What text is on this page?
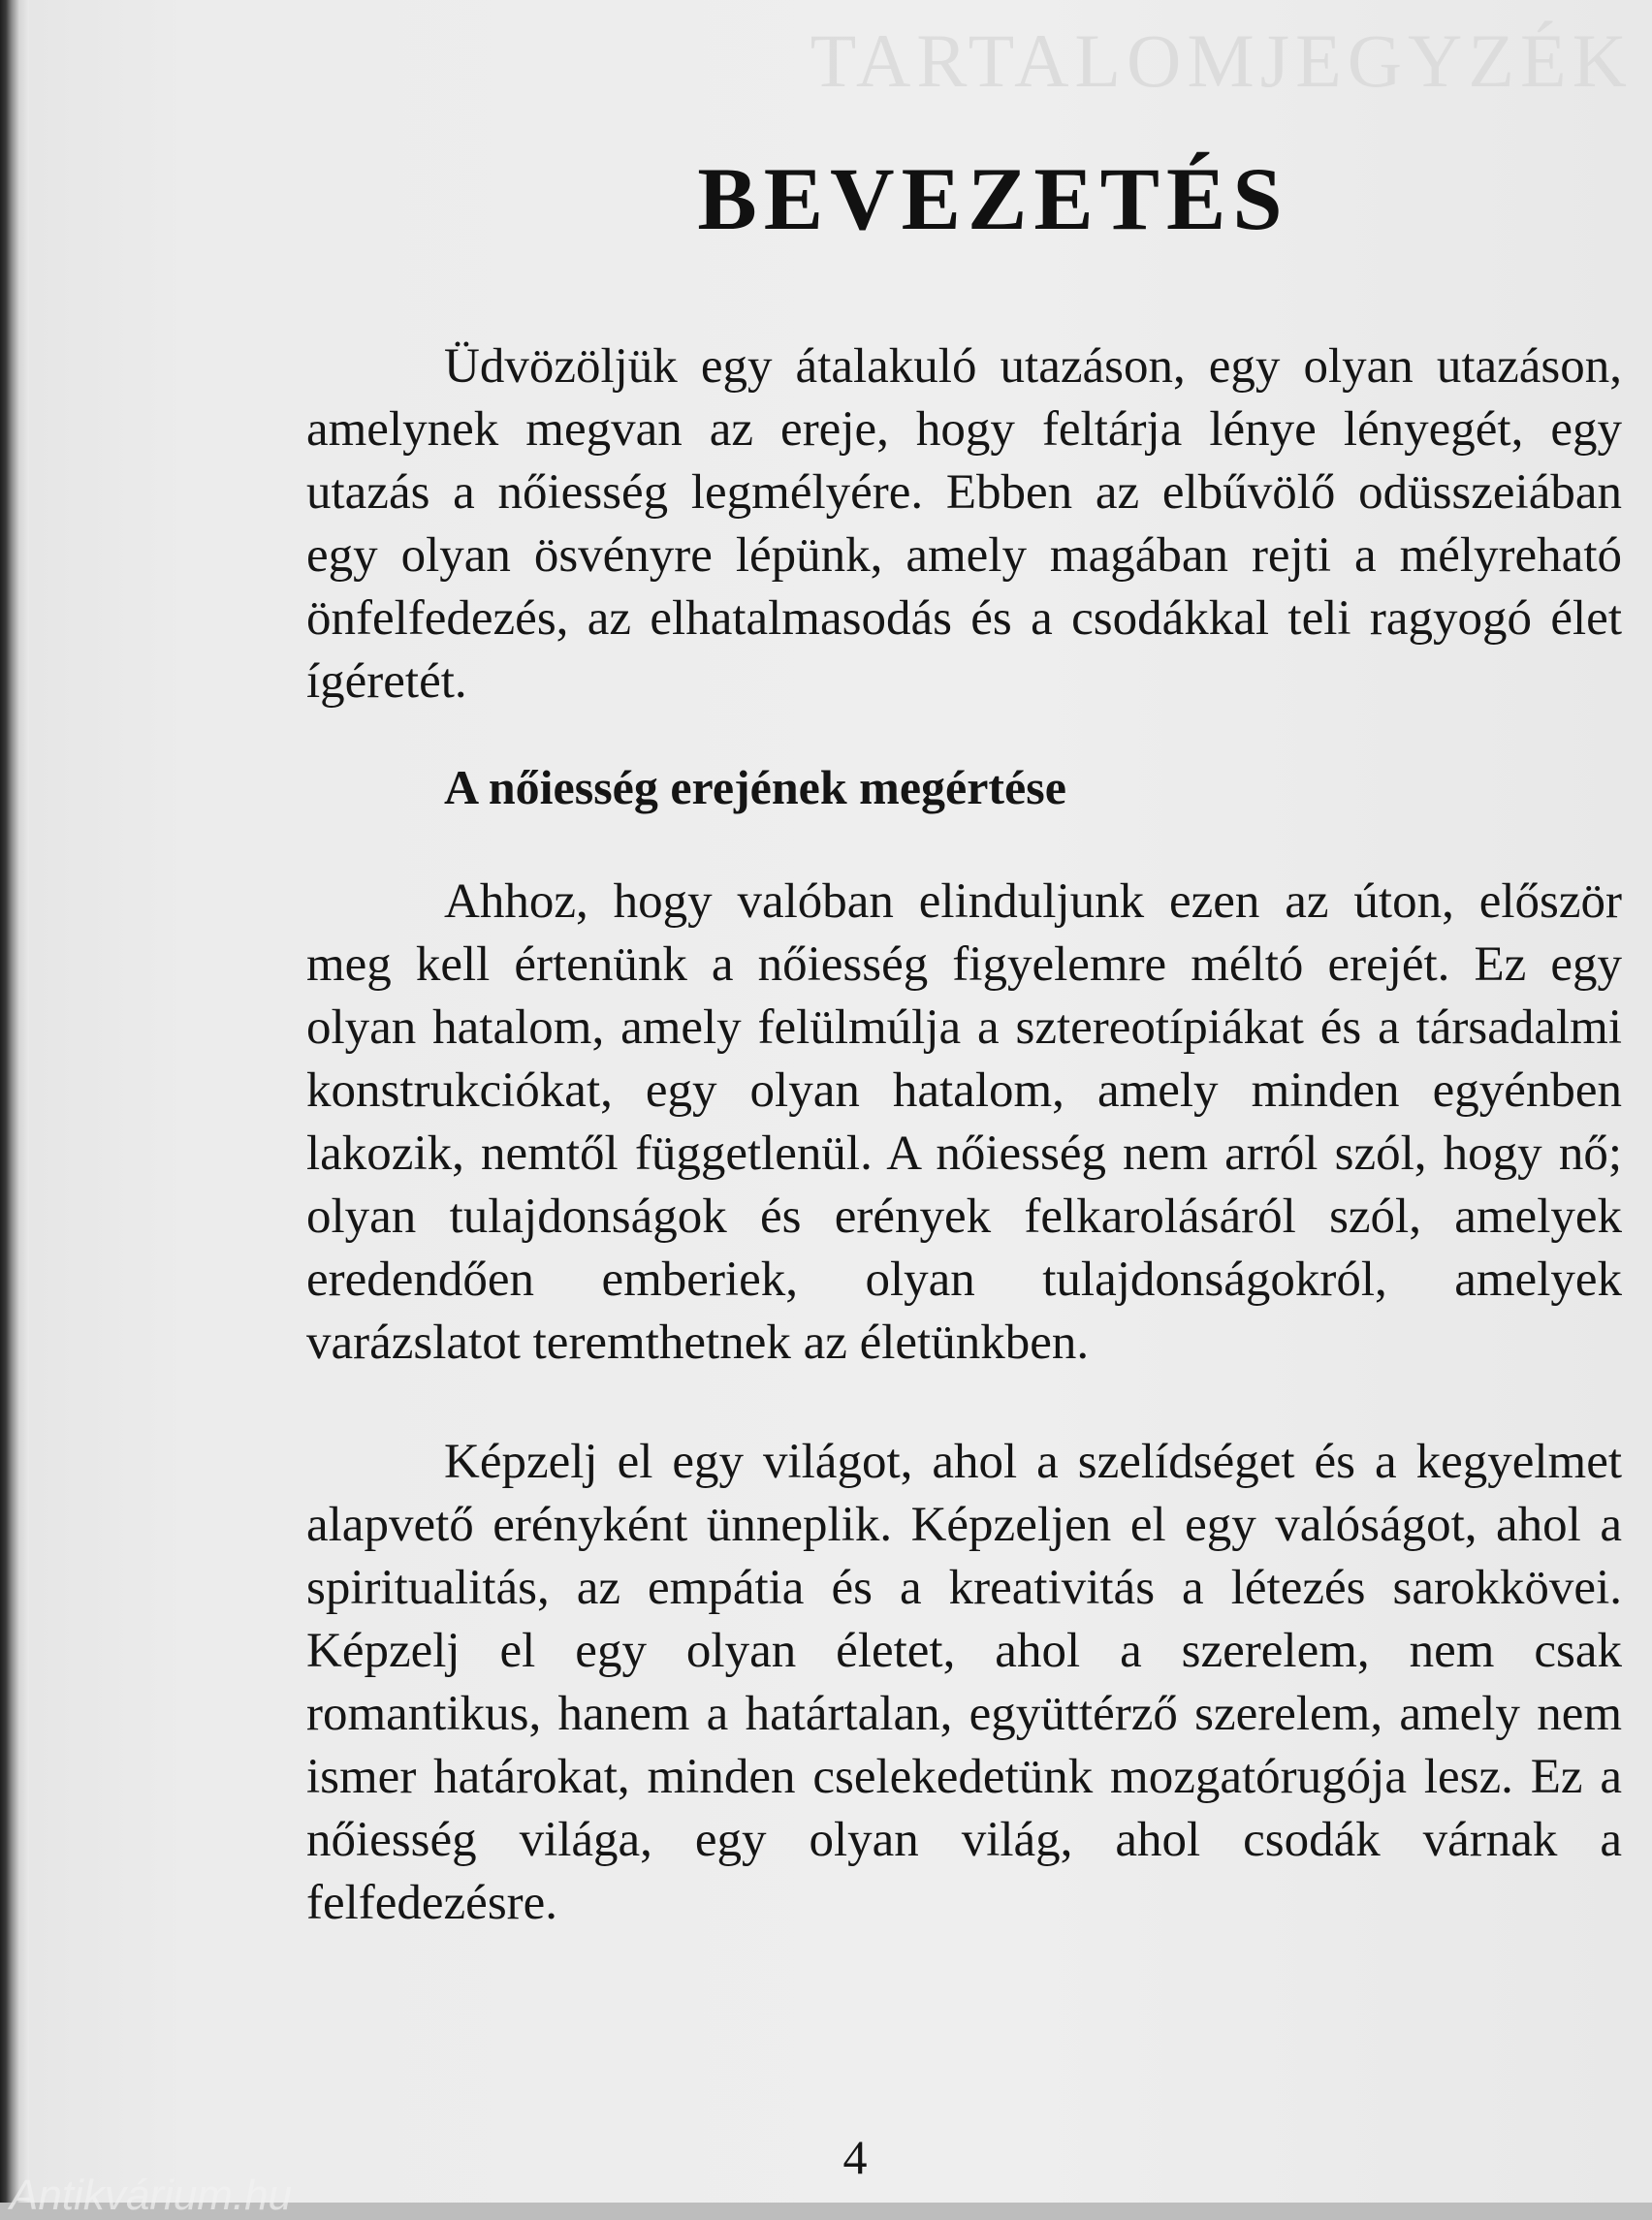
TARTALOMJEGYZÉK
BEVEZETÉS

Üdvözöljük egy átalakuló utazáson, egy olyan utazáson, amelynek megvan az ereje, hogy feltárja lénye lényegét, egy utazás a nőiesség legmélyére. Ebben az elbűvölő odüsszeiában egy olyan ösvényre lépünk, amely magában rejti a mélyreható önfelfedezés, az elhatalmasodás és a csodákkal teli ragyogó élet ígéretét.

A nőiesség erejének megértése

Ahhoz, hogy valóban elinduljunk ezen az úton, először meg kell értenünk a nőiesség figyelemre méltó erejét. Ez egy olyan hatalom, amely felülmúlja a sztereotípiákat és a társadalmi konstrukciókat, egy olyan hatalom, amely minden egyénben lakozik, nemtől függetlenül. A nőiesség nem arról szól, hogy nő; olyan tulajdonságok és erények felkarolásáról szól, amelyek eredendően emberiek, olyan tulajdonságokról, amelyek varázslatot teremthetnek az életünkben.

Képzelj el egy világot, ahol a szelídséget és a kegyelmet alapvető erényként ünneplik. Képzeljen el egy valóságot, ahol a spiritualitás, az empátia és a kreativitás a létezés sarokkövei. Képzelj el egy olyan életet, ahol a szerelem, nem csak romantikus, hanem a határtalan, együttérző szerelem, amely nem ismer határokat, minden cselekedetünk mozgatórugója lesz. Ez a nőiesség világa, egy olyan világ, ahol csodák várnak a felfedezésre.

4
Antikvárium.hu
